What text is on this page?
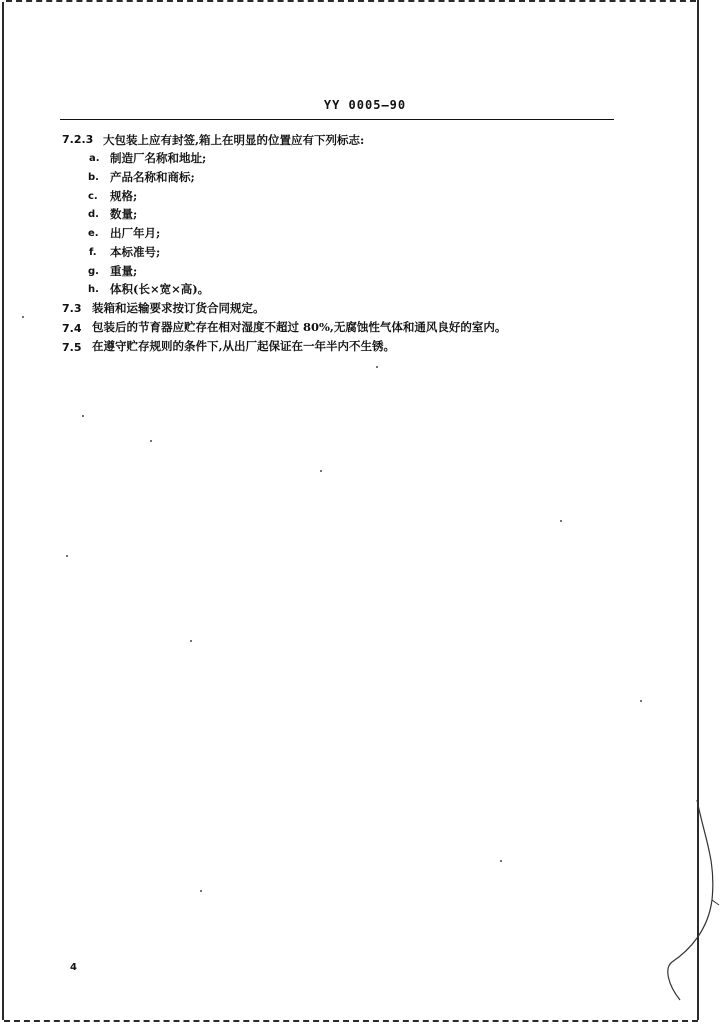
YY 0005—90
7.2.3 大包装上应有封签,箱上在明显的位置应有下列标志:
a. 制造厂名称和地址;
b. 产品名称和商标;
c. 规格;
d. 数量;
e. 出厂年月;
f. 本标准号;
g. 重量;
h. 体积(长×宽×高)。
7.3 装箱和运输要求按订货合同规定。
7.4 包装后的节育器应贮存在相对湿度不超过 80%,无腐蚀性气体和通风良好的室内。
7.5 在遵守贮存规则的条件下,从出厂起保证在一年半内不生锈。
4
